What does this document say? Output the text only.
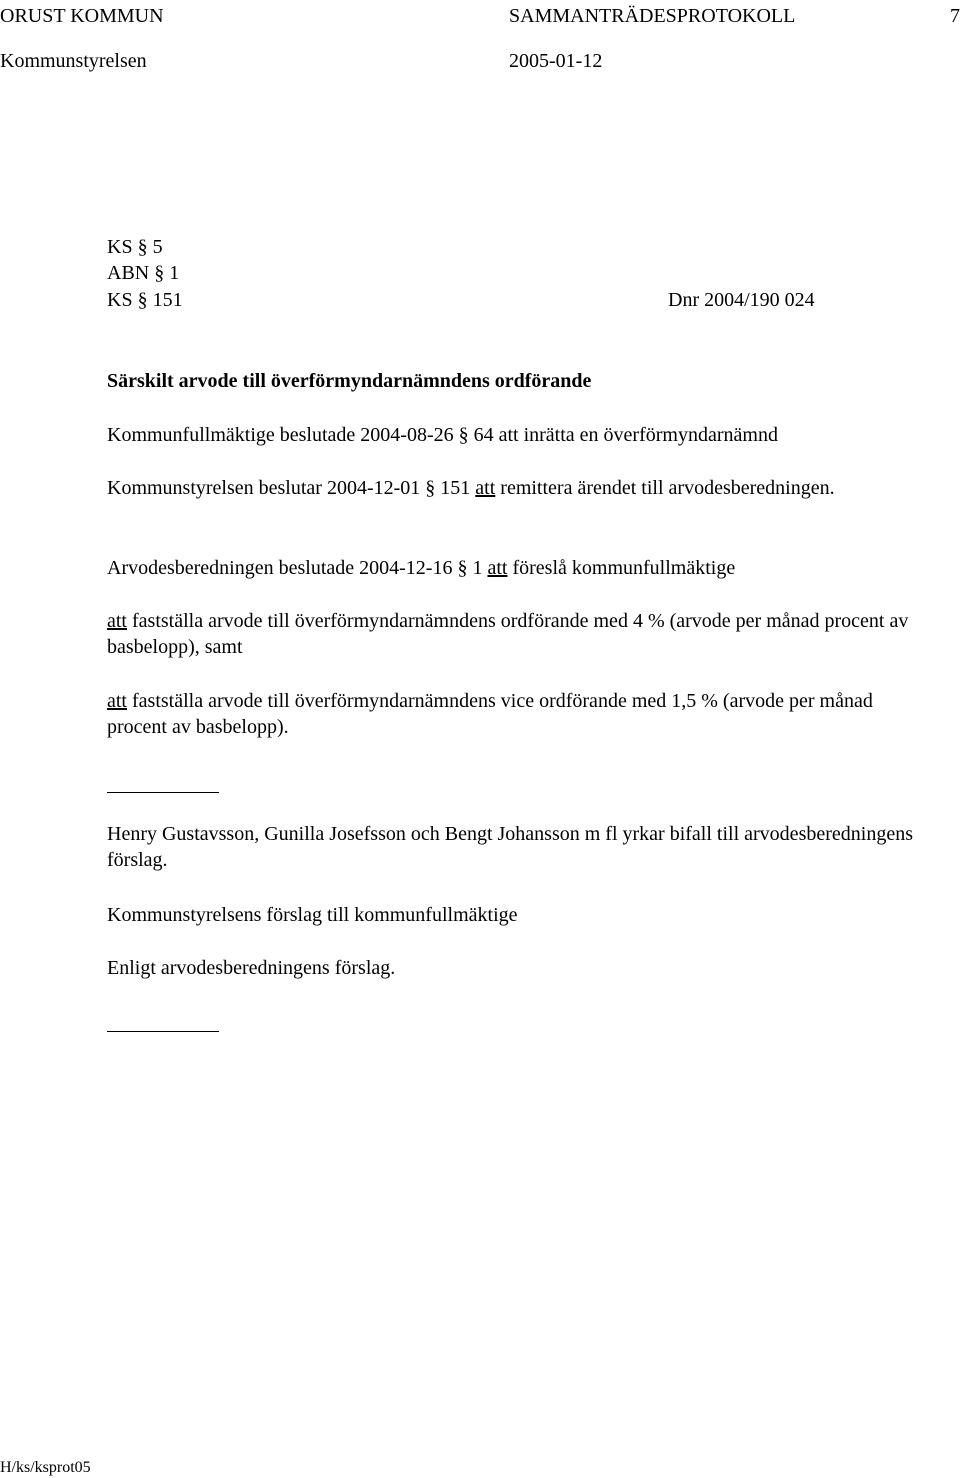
ORUST KOMMUN	SAMMANTRÄDESPROTOKOLL	7
Kommunstyrelsen	2005-01-12
KS § 5
ABN § 1
KS § 151	Dnr 2004/190 024
Särskilt arvode till överförmyndarnämndens ordförande
Kommunfullmäktige beslutade 2004-08-26 § 64 att inrätta en överförmyndarnämnd
Kommunstyrelsen beslutar 2004-12-01 § 151 att remittera ärendet till arvodesberedningen.
Arvodesberedningen beslutade 2004-12-16 § 1 att föreslå kommunfullmäktige
att fastställa arvode till överförmyndarnämndens ordförande med 4 % (arvode per månad procent av basbelopp), samt
att fastställa arvode till överförmyndarnämndens vice ordförande med 1,5 % (arvode per månad procent av basbelopp).
Henry Gustavsson, Gunilla Josefsson och Bengt Johansson m fl yrkar bifall till arvodesberedningens förslag.
Kommunstyrelsens förslag till kommunfullmäktige
Enligt arvodesberedningens förslag.
H/ks/ksprot05
